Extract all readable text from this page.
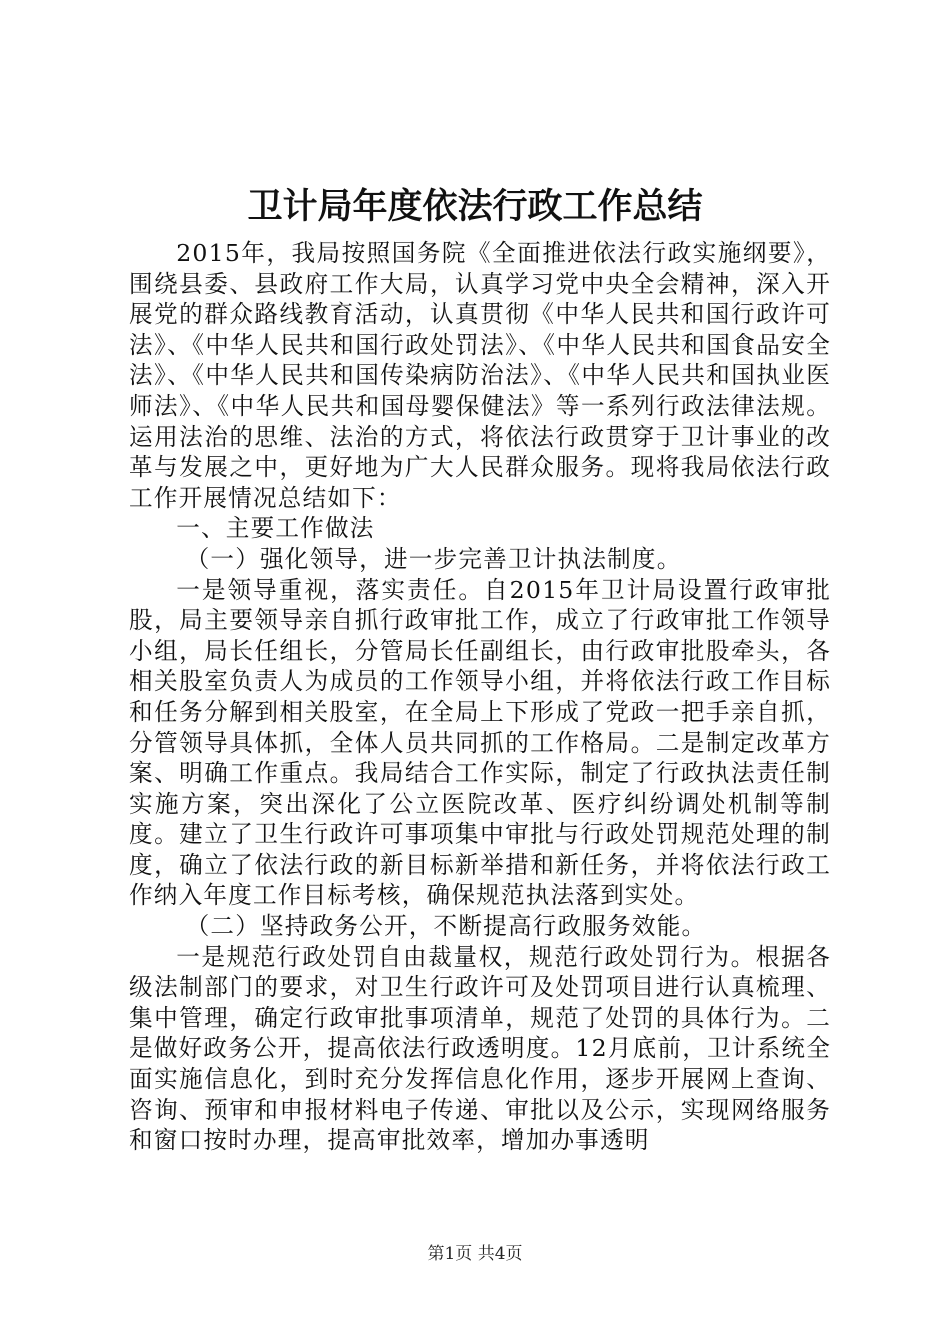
卫计局年度依法行政工作总结

2015年，我局按照国务院《全面推进依法行政实施纲要》，围绕县委、县政府工作大局，认真学习党中央全会精神，深入开展党的群众路线教育活动，认真贯彻《中华人民共和国行政许可法》、《中华人民共和国行政处罚法》、《中华人民共和国食品安全法》、《中华人民共和国传染病防治法》、《中华人民共和国执业医师法》、《中华人民共和国母婴保健法》等一系列行政法律法规。运用法治的思维、法治的方式，将依法行政贯穿于卫计事业的改革与发展之中，更好地为广大人民群众服务。现将我局依法行政工作开展情况总结如下：

一、主要工作做法

（一）强化领导，进一步完善卫计执法制度。

一是领导重视，落实责任。自2015年卫计局设置行政审批股，局主要领导亲自抓行政审批工作，成立了行政审批工作领导小组，局长任组长，分管局长任副组长，由行政审批股牵头，各相关股室负责人为成员的工作领导小组，并将依法行政工作目标和任务分解到相关股室，在全局上下形成了党政一把手亲自抓，分管领导具体抓，全体人员共同抓的工作格局。二是制定改革方案、明确工作重点。我局结合工作实际，制定了行政执法责任制实施方案，突出深化了公立医院改革、医疗纠纷调处机制等制度。建立了卫生行政许可事项集中审批与行政处罚规范处理的制度，确立了依法行政的新目标新举措和新任务，并将依法行政工作纳入年度工作目标考核，确保规范执法落到实处。

（二）坚持政务公开，不断提高行政服务效能。

一是规范行政处罚自由裁量权，规范行政处罚行为。根据各级法制部门的要求，对卫生行政许可及处罚项目进行认真梳理、集中管理，确定行政审批事项清单，规范了处罚的具体行为。二是做好政务公开，提高依法行政透明度。12月底前，卫计系统全面实施信息化，到时充分发挥信息化作用，逐步开展网上查询、咨询、预审和申报材料电子传递、审批以及公示，实现网络服务和窗口按时办理，提高审批效率，增加办事透明

第1页 共4页
